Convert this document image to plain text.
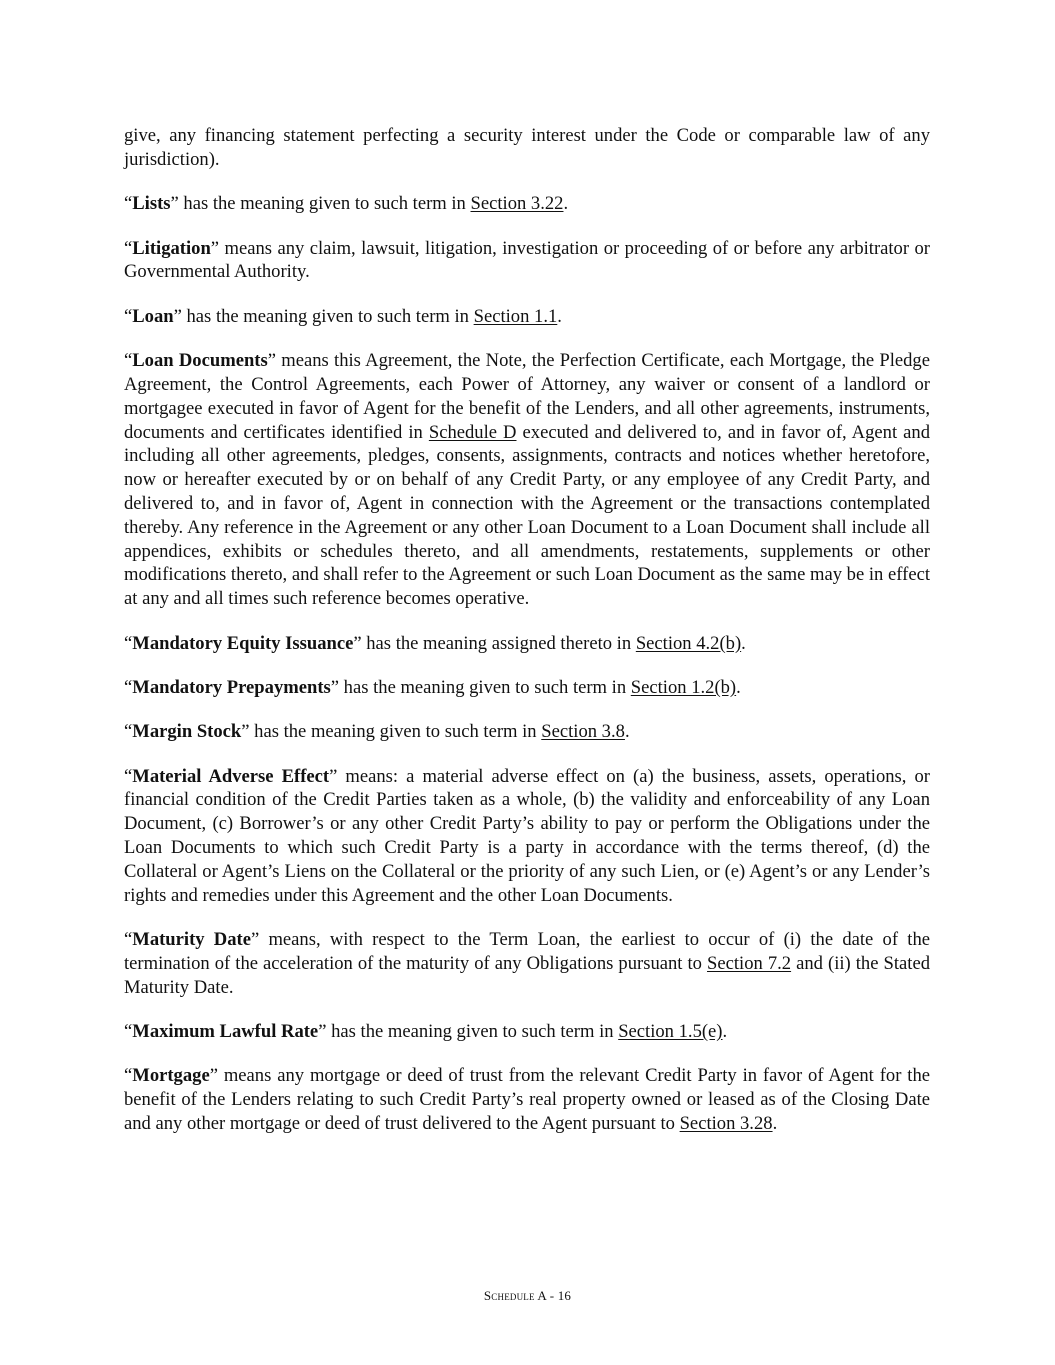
give, any financing statement perfecting a security interest under the Code or comparable law of any jurisdiction).

“Lists” has the meaning given to such term in Section 3.22.

“Litigation” means any claim, lawsuit, litigation, investigation or proceeding of or before any arbitrator or Governmental Authority.

“Loan” has the meaning given to such term in Section 1.1.

“Loan Documents” means this Agreement, the Note, the Perfection Certificate, each Mortgage, the Pledge Agreement, the Control Agreements, each Power of Attorney, any waiver or consent of a landlord or mortgagee executed in favor of Agent for the benefit of the Lenders, and all other agreements, instruments, documents and certificates identified in Schedule D executed and delivered to, and in favor of, Agent and including all other agreements, pledges, consents, assignments, contracts and notices whether heretofore, now or hereafter executed by or on behalf of any Credit Party, or any employee of any Credit Party, and delivered to, and in favor of, Agent in connection with the Agreement or the transactions contemplated thereby. Any reference in the Agreement or any other Loan Document to a Loan Document shall include all appendices, exhibits or schedules thereto, and all amendments, restatements, supplements or other modifications thereto, and shall refer to the Agreement or such Loan Document as the same may be in effect at any and all times such reference becomes operative.

“Mandatory Equity Issuance” has the meaning assigned thereto in Section 4.2(b).

“Mandatory Prepayments” has the meaning given to such term in Section 1.2(b).

“Margin Stock” has the meaning given to such term in Section 3.8.

“Material Adverse Effect” means: a material adverse effect on (a) the business, assets, operations, or financial condition of the Credit Parties taken as a whole, (b) the validity and enforceability of any Loan Document, (c) Borrower’s or any other Credit Party’s ability to pay or perform the Obligations under the Loan Documents to which such Credit Party is a party in accordance with the terms thereof, (d) the Collateral or Agent’s Liens on the Collateral or the priority of any such Lien, or (e) Agent’s or any Lender’s rights and remedies under this Agreement and the other Loan Documents.

“Maturity Date” means, with respect to the Term Loan, the earliest to occur of (i) the date of the termination of the acceleration of the maturity of any Obligations pursuant to Section 7.2 and (ii) the Stated Maturity Date.

“Maximum Lawful Rate” has the meaning given to such term in Section 1.5(e).

“Mortgage” means any mortgage or deed of trust from the relevant Credit Party in favor of Agent for the benefit of the Lenders relating to such Credit Party’s real property owned or leased as of the Closing Date and any other mortgage or deed of trust delivered to the Agent pursuant to Section 3.28.

Schedule A - 16
